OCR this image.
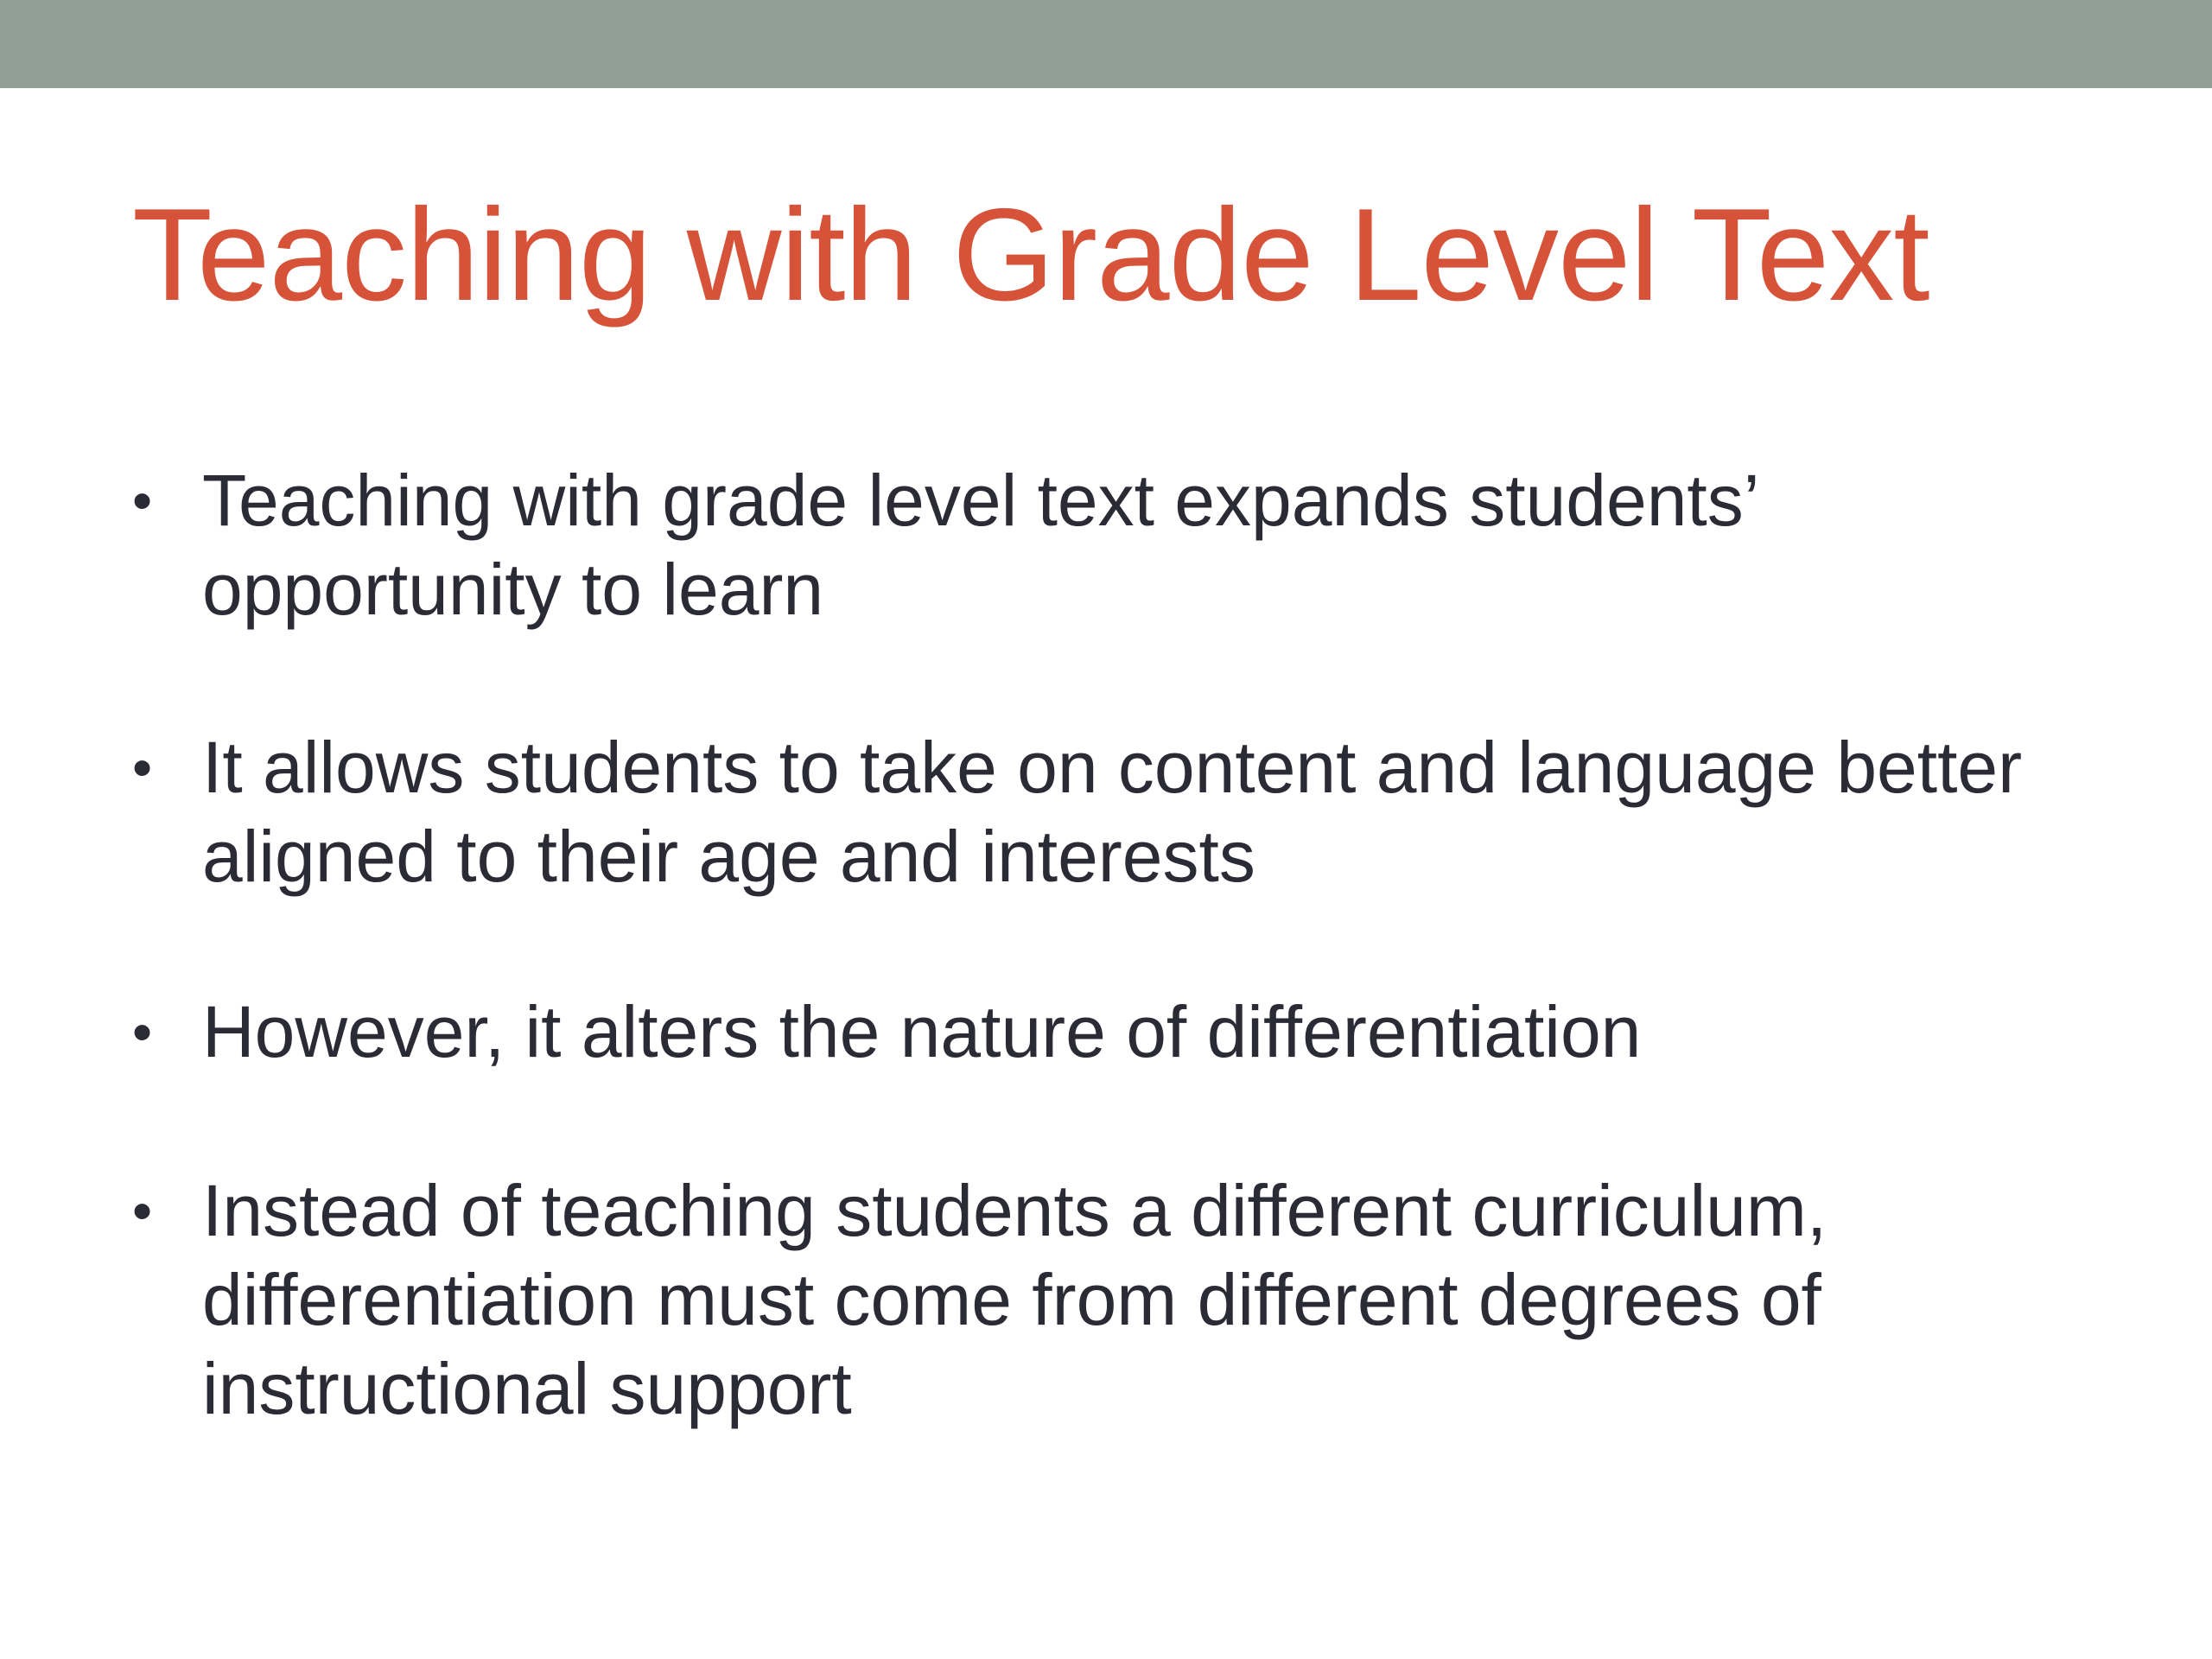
Teaching with Grade Level Text
• Teaching with grade level text expands students’ opportunity to learn
• It allows students to take on content and language better aligned to their age and interests
• However, it alters the nature of differentiation
• Instead of teaching students a different curriculum, differentiation must come from different degrees of instructional support
